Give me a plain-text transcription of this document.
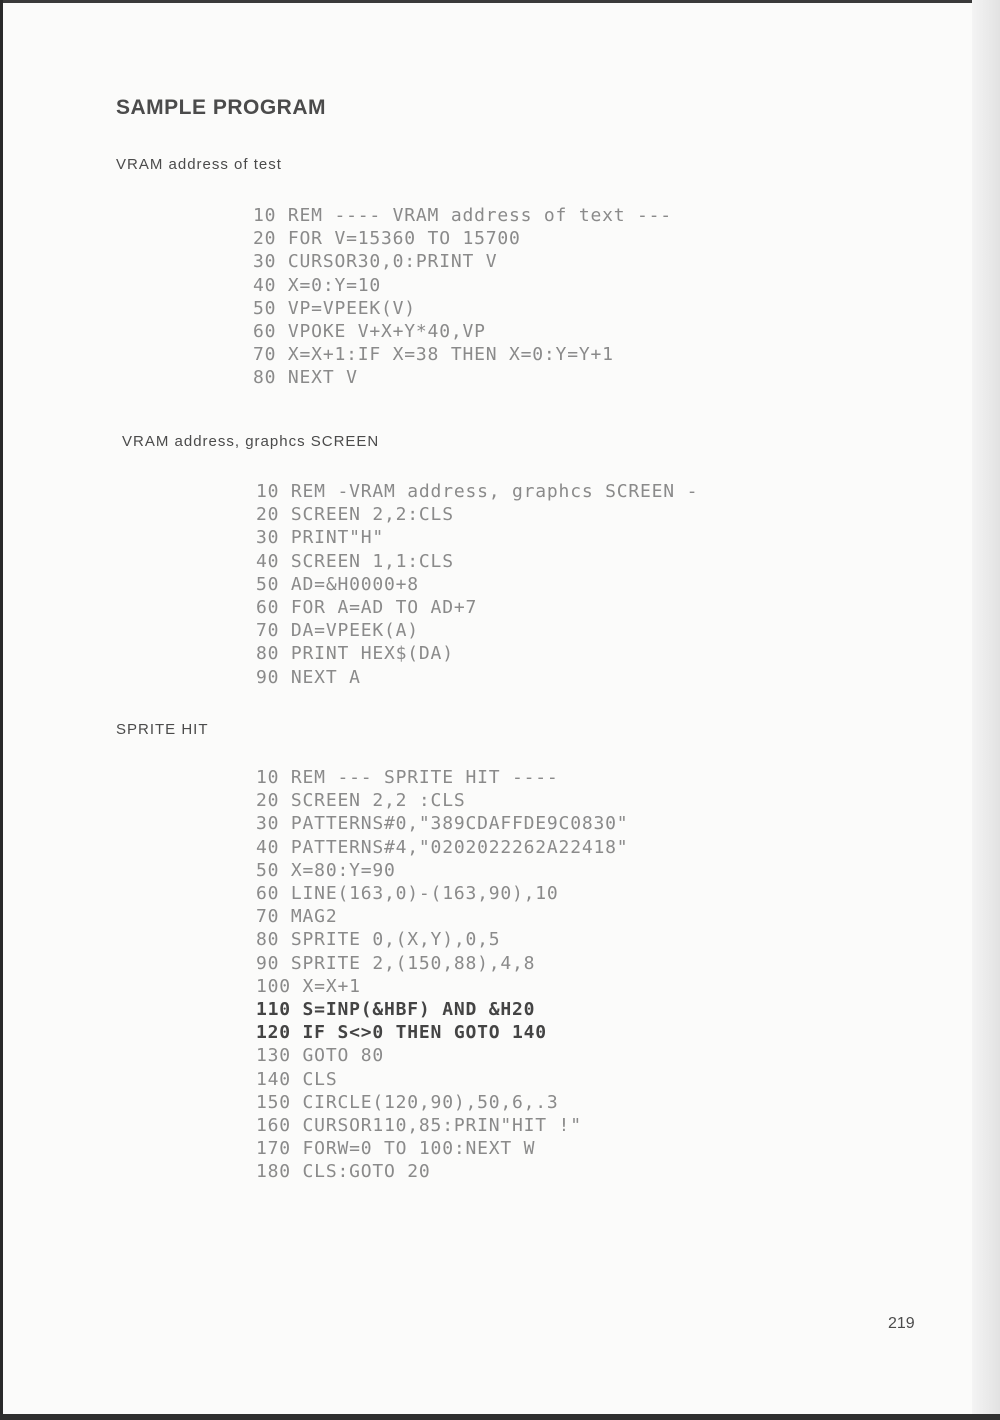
SAMPLE PROGRAM
VRAM address of test
10 REM ---- VRAM address of text ---
20 FOR V=15360 TO 15700
30 CURSOR30,0:PRINT V
40 X=0:Y=10
50 VP=VPEEK(V)
60 VPOKE V+X+Y*40,VP
70 X=X+1:IF X=38 THEN X=0:Y=Y+1
80 NEXT V
VRAM address, graphcs SCREEN
10 REM -VRAM address, graphcs SCREEN -
20 SCREEN 2,2:CLS
30 PRINT"H"
40 SCREEN 1,1:CLS
50 AD=&H0000+8
60 FOR A=AD TO AD+7
70 DA=VPEEK(A)
80 PRINT HEX$(DA)
90 NEXT A
SPRITE HIT
10 REM --- SPRITE HIT ----
20 SCREEN 2,2 :CLS
30 PATTERNS#0,"389CDAFFDE9C0830"
40 PATTERNS#4,"0202022262A22418"
50 X=80:Y=90
60 LINE(163,0)-(163,90),10
70 MAG2
80 SPRITE 0,(X,Y),0,5
90 SPRITE 2,(150,88),4,8
100 X=X+1
110 S=INP(&HBF) AND &H20
120 IF S<>0 THEN GOTO 140
130 GOTO 80
140 CLS
150 CIRCLE(120,90),50,6,.3
160 CURSOR110,85:PRIN"HIT !"
170 FORW=0 TO 100:NEXT W
180 CLS:GOTO 20
219
